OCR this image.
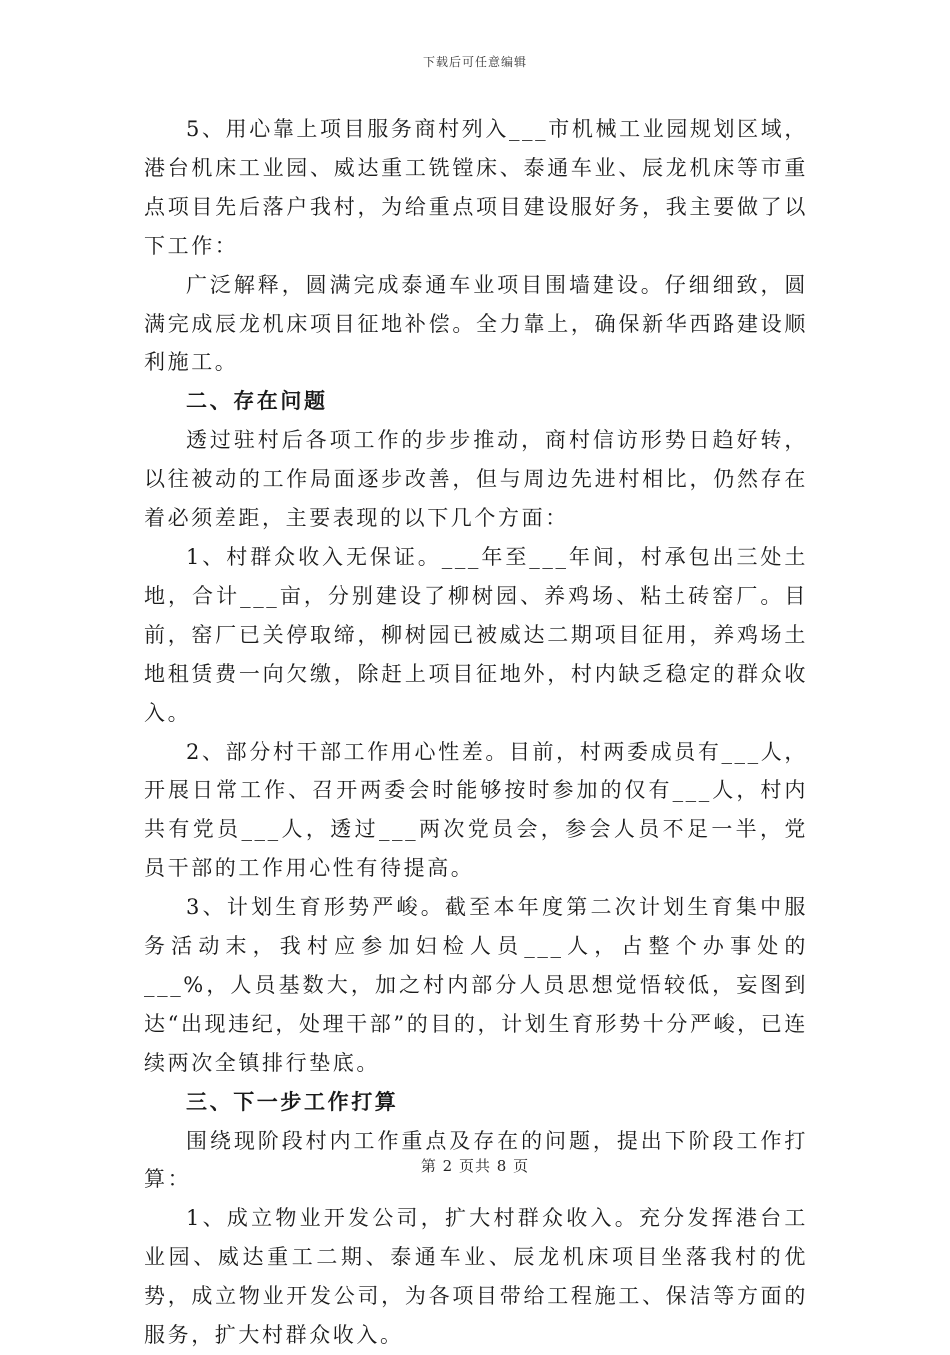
下载后可任意编辑

5、用心靠上项目服务商村列入___市机械工业园规划区域，港台机床工业园、威达重工铣镗床、泰通车业、辰龙机床等市重点项目先后落户我村，为给重点项目建设服好务，我主要做了以下工作：

广泛解释，圆满完成泰通车业项目围墙建设。仔细细致，圆满完成辰龙机床项目征地补偿。全力靠上，确保新华西路建设顺利施工。

二、存在问题

透过驻村后各项工作的步步推动，商村信访形势日趋好转，以往被动的工作局面逐步改善，但与周边先进村相比，仍然存在着必须差距，主要表现的以下几个方面：

1、村群众收入无保证。___年至___年间，村承包出三处土地，合计___亩，分别建设了柳树园、养鸡场、粘土砖窑厂。目前，窑厂已关停取缔，柳树园已被威达二期项目征用，养鸡场土地租赁费一向欠缴，除赶上项目征地外，村内缺乏稳定的群众收入。

2、部分村干部工作用心性差。目前，村两委成员有___人，开展日常工作、召开两委会时能够按时参加的仅有___人，村内共有党员___人，透过___两次党员会，参会人员不足一半，党员干部的工作用心性有待提高。

3、计划生育形势严峻。截至本年度第二次计划生育集中服务活动末，我村应参加妇检人员___人，占整个办事处的___%，人员基数大，加之村内部分人员思想觉悟较低，妄图到达“出现违纪，处理干部”的目的，计划生育形势十分严峻，已连续两次全镇排行垫底。

三、下一步工作打算

围绕现阶段村内工作重点及存在的问题，提出下阶段工作打算：

1、成立物业开发公司，扩大村群众收入。充分发挥港台工业园、威达重工二期、泰通车业、辰龙机床项目坐落我村的优势，成立物业开发公司，为各项目带给工程施工、保洁等方面的服务，扩大村群众收入。

第 2 页共 8 页
